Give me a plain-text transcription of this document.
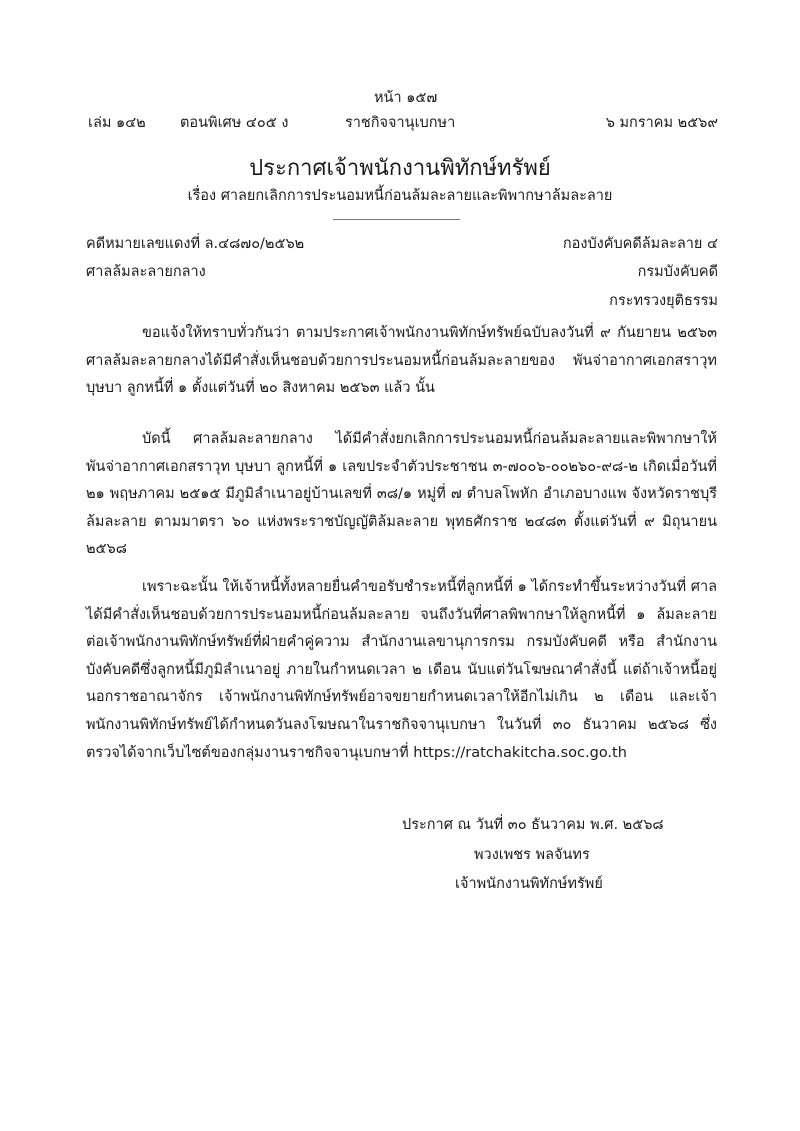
หน้า ๑๕๗
เล่ม ๑๔๒ ตอนพิเศษ ๔๐๕ ง	ราชกิจจานุเบกษา	๖ มกราคม ๒๕๖๙
ประกาศเจ้าพนักงานพิทักษ์ทรัพย์
เรื่อง ศาลยกเลิกการประนอมหนี้ก่อนล้มละลายและพิพากษาล้มละลาย
คดีหมายเลขแดงที่ ล.๔๘๗๐/๒๕๖๒	กองบังคับคดีล้มละลาย ๔
ศาลล้มละลายกลาง	กรมบังคับคดี
กระทรวงยุติธรรม

ขอแจ้งให้ทราบทั่วกันว่า ตามประกาศเจ้าพนักงานพิทักษ์ทรัพย์ฉบับลงวันที่ ๙ กันยายน ๒๕๖๓ ศาลล้มละลายกลางได้มีคำสั่งเห็นชอบด้วยการประนอมหนี้ก่อนล้มละลายของ พันจ่าอากาศเอกสราวุท บุษบา ลูกหนี้ที่ ๑ ตั้งแต่วันที่ ๒๐ สิงหาคม ๒๕๖๓ แล้ว นั้น

บัดนี้ ศาลล้มละลายกลาง ได้มีคำสั่งยกเลิกการประนอมหนี้ก่อนล้มละลายและพิพากษาให้ พันจ่าอากาศเอกสราวุท บุษบา ลูกหนี้ที่ ๑ เลขประจำตัวประชาชน ๓-๗๐๐๖-๐๐๒๖๐-๙๘-๒ เกิดเมื่อวันที่ ๒๑ พฤษภาคม ๒๕๑๕ มีภูมิลำเนาอยู่บ้านเลขที่ ๓๘/๑ หมู่ที่ ๗ ตำบลโพหัก อำเภอบางแพ จังหวัดราชบุรี ล้มละลาย ตามมาตรา ๖๐ แห่งพระราชบัญญัติล้มละลาย พุทธศักราช ๒๔๘๓ ตั้งแต่วันที่ ๙ มิถุนายน ๒๕๖๘

เพราะฉะนั้น ให้เจ้าหนี้ทั้งหลายยื่นคำขอรับชำระหนี้ที่ลูกหนี้ที่ ๑ ได้กระทำขึ้นระหว่างวันที่ ศาลได้มีคำสั่งเห็นชอบด้วยการประนอมหนี้ก่อนล้มละลาย จนถึงวันที่ศาลพิพากษาให้ลูกหนี้ที่ ๑ ล้มละลาย ต่อเจ้าพนักงานพิทักษ์ทรัพย์ที่ฝ่ายคำคู่ความ สำนักงานเลขานุการกรม กรมบังคับคดี หรือ สำนักงานบังคับคดีซึ่งลูกหนี้มีภูมิลำเนาอยู่ ภายในกำหนดเวลา ๒ เดือน นับแต่วันโฆษณาคำสั่งนี้ แต่ถ้าเจ้าหนี้อยู่นอกราชอาณาจักร เจ้าพนักงานพิทักษ์ทรัพย์อาจขยายกำหนดเวลาให้อีกไม่เกิน ๒ เดือน และเจ้าพนักงานพิทักษ์ทรัพย์ได้กำหนดวันลงโฆษณาในราชกิจจานุเบกษา ในวันที่ ๓๐ ธันวาคม ๒๕๖๘ ซึ่งตรวจได้จากเว็บไซต์ของกลุ่มงานราชกิจจานุเบกษาที่ https://ratchakitcha.soc.go.th

ประกาศ ณ วันที่ ๓๐ ธันวาคม พ.ศ. ๒๕๖๘
พวงเพชร พลจันทร
เจ้าพนักงานพิทักษ์ทรัพย์
